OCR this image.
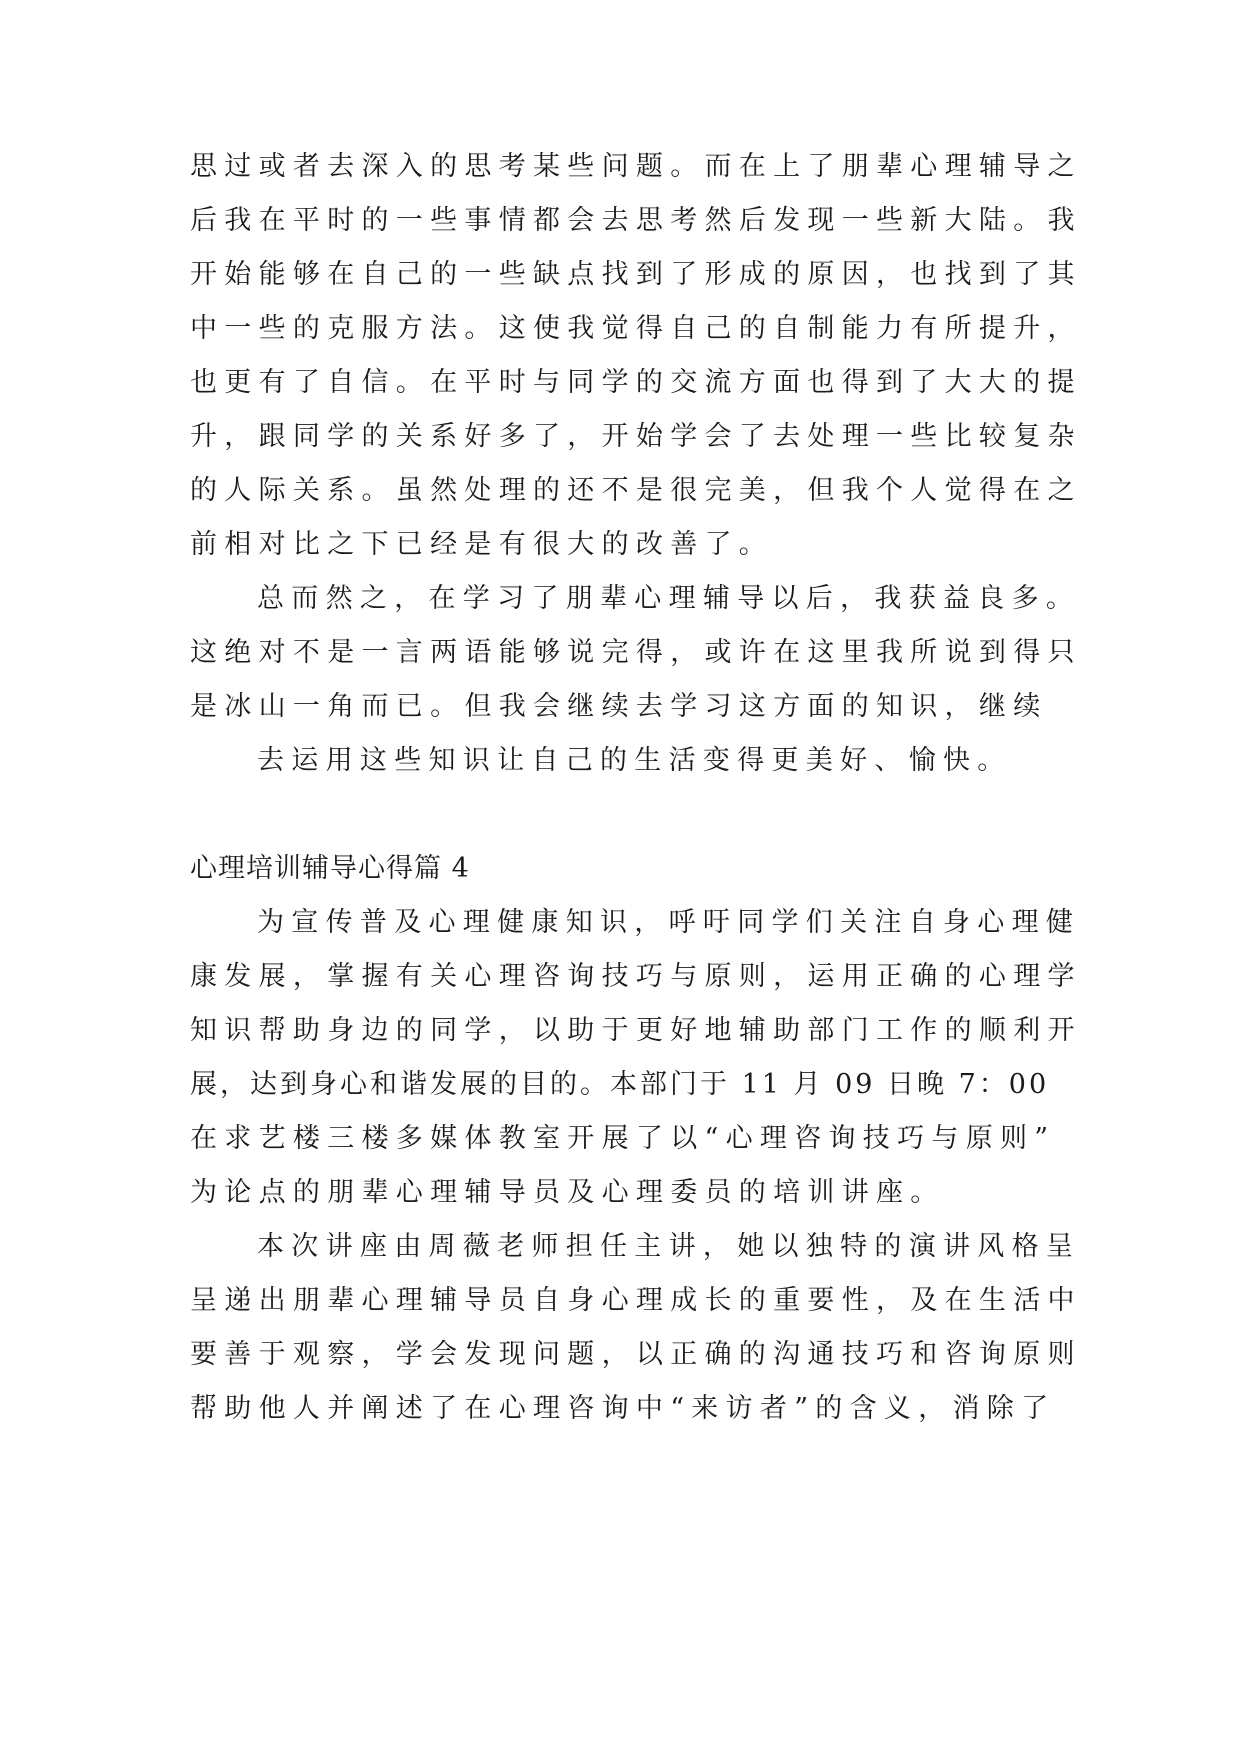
思过或者去深入的思考某些问题。而在上了朋辈心理辅导之

后我在平时的一些事情都会去思考然后发现一些新大陆。我

开始能够在自己的一些缺点找到了形成的原因，也找到了其

中一些的克服方法。这使我觉得自己的自制能力有所提升，

也更有了自信。在平时与同学的交流方面也得到了大大的提

升，跟同学的关系好多了，开始学会了去处理一些比较复杂

的人际关系。虽然处理的还不是很完美，但我个人觉得在之

前相对比之下已经是有很大的改善了。

总而然之，在学习了朋辈心理辅导以后，我获益良多。

这绝对不是一言两语能够说完得，或许在这里我所说到得只

是冰山一角而已。但我会继续去学习这方面的知识，继续

去运用这些知识让自己的生活变得更美好、愉快。

心理培训辅导心得篇 4

为宣传普及心理健康知识，呼吁同学们关注自身心理健

康发展，掌握有关心理咨询技巧与原则，运用正确的心理学

知识帮助身边的同学，以助于更好地辅助部门工作的顺利开

展，达到身心和谐发展的目的。本部门于 11 月 09 日晚 7：00

在求艺楼三楼多媒体教室开展了以“心理咨询技巧与原则”

为论点的朋辈心理辅导员及心理委员的培训讲座。

本次讲座由周薇老师担任主讲，她以独特的演讲风格呈

呈递出朋辈心理辅导员自身心理成长的重要性，及在生活中

要善于观察，学会发现问题，以正确的沟通技巧和咨询原则

帮助他人并阐述了在心理咨询中“来访者”的含义，消除了
